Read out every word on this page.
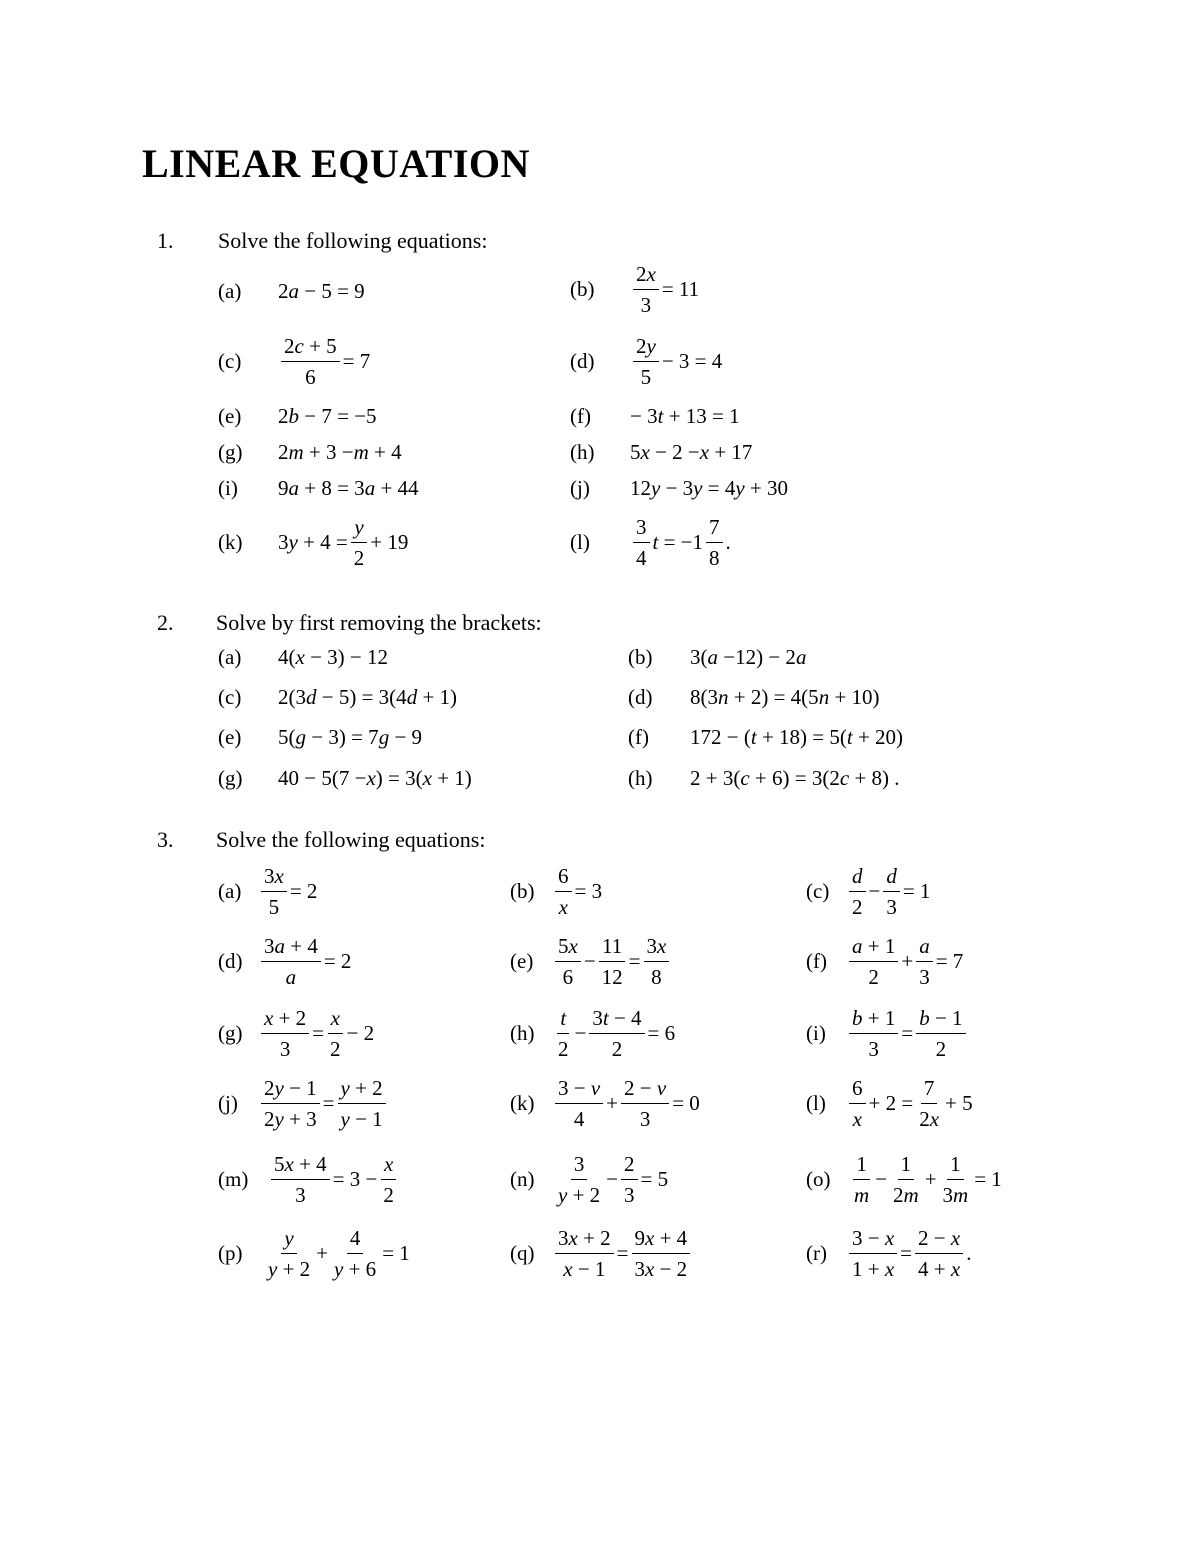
LINEAR EQUATION
1. Solve the following equations:
(a)	2 a − 5 = 9	(b)	$\frac{2x}{3} = 11$
(c)	$\frac{2c + 5}{6} = 7$	(d)	$\frac{2y}{5} - 3 = 4$
(e)	2 b − 7 = −5	(f)	− 3 t + 13 = 1
(g)	2 m + 3 − m + 4	(h)	5 x − 2 − x + 17
(i)	9 a + 8 = 3 a + 44	(j)	12 y − 3 y = 4 y + 30
(k)	3 $y + 4 = \frac{y}{2} + 19$	(l)	$\frac{3}{4}$ $t = -1 \frac{7}{8}$ .
2. Solve by first removing the brackets:
(a)	4( x − 3) − 12	(b)	3( a −12) − 2 a
(c)	2(3 d − 5) = 3(4 d + 1)	(d)	8(3 n + 2) = 4(5 n + 10)
(e)	5( g − 3) = 7 g − 9	(f)	172 − ( t + 18) = 5( t + 20)
(g)	40 − 5(7 − x ) = 3( x + 1)	(h)	2 + 3( c + 6) = 3(2 c + 8) .
3. Solve the following equations:
$(a) \frac{3x}{5} = 2$	$(b) \frac{6}{x} = 3$	$(c) \frac{d}{2} - \frac{d}{3} = 1$
$(d) \frac{3a + 4}{a} = 2$	(e)	$\frac{5x}{6} - \frac{11}{12} = \frac{3x}{8}$	(f)	$\frac{a + 1}{2} + \frac{a}{3} = 7$
$(g) \frac{x + 2}{3} = \frac{x}{2} - 2$	$(h) \frac{t}{2} - \frac{3t - 4}{2} = 6$	(i)	$\frac{b + 1}{3} = \frac{b - 1}{2}$
(j)	$\frac{2y - 1}{2y + 3} = \frac{y + 2}{y - 1}$	$(k) \frac{3 - v}{4} + \frac{2 - v}{3} = 0$	(l)	$\frac{6}{x} + 2 = \frac{7}{2x} + 5$
(m)	$\frac{5x + 4}{3} = 3 - \frac{x}{2}$	$(n) \frac{3}{y + 2} - \frac{2}{3} = 5$	$(o) \frac{1}{m} - \frac{1}{2m} + \frac{1}{3m} = 1$
(p)	$\frac{y}{y + 2} + \frac{4}{y + 6} = 1$	$(q) \frac{3x + 2}{x - 1} = \frac{9x + 4}{3x - 2}$	(r)	$\frac{3 - x}{1 + x} = \frac{2 - x}{4 + x}$ .
